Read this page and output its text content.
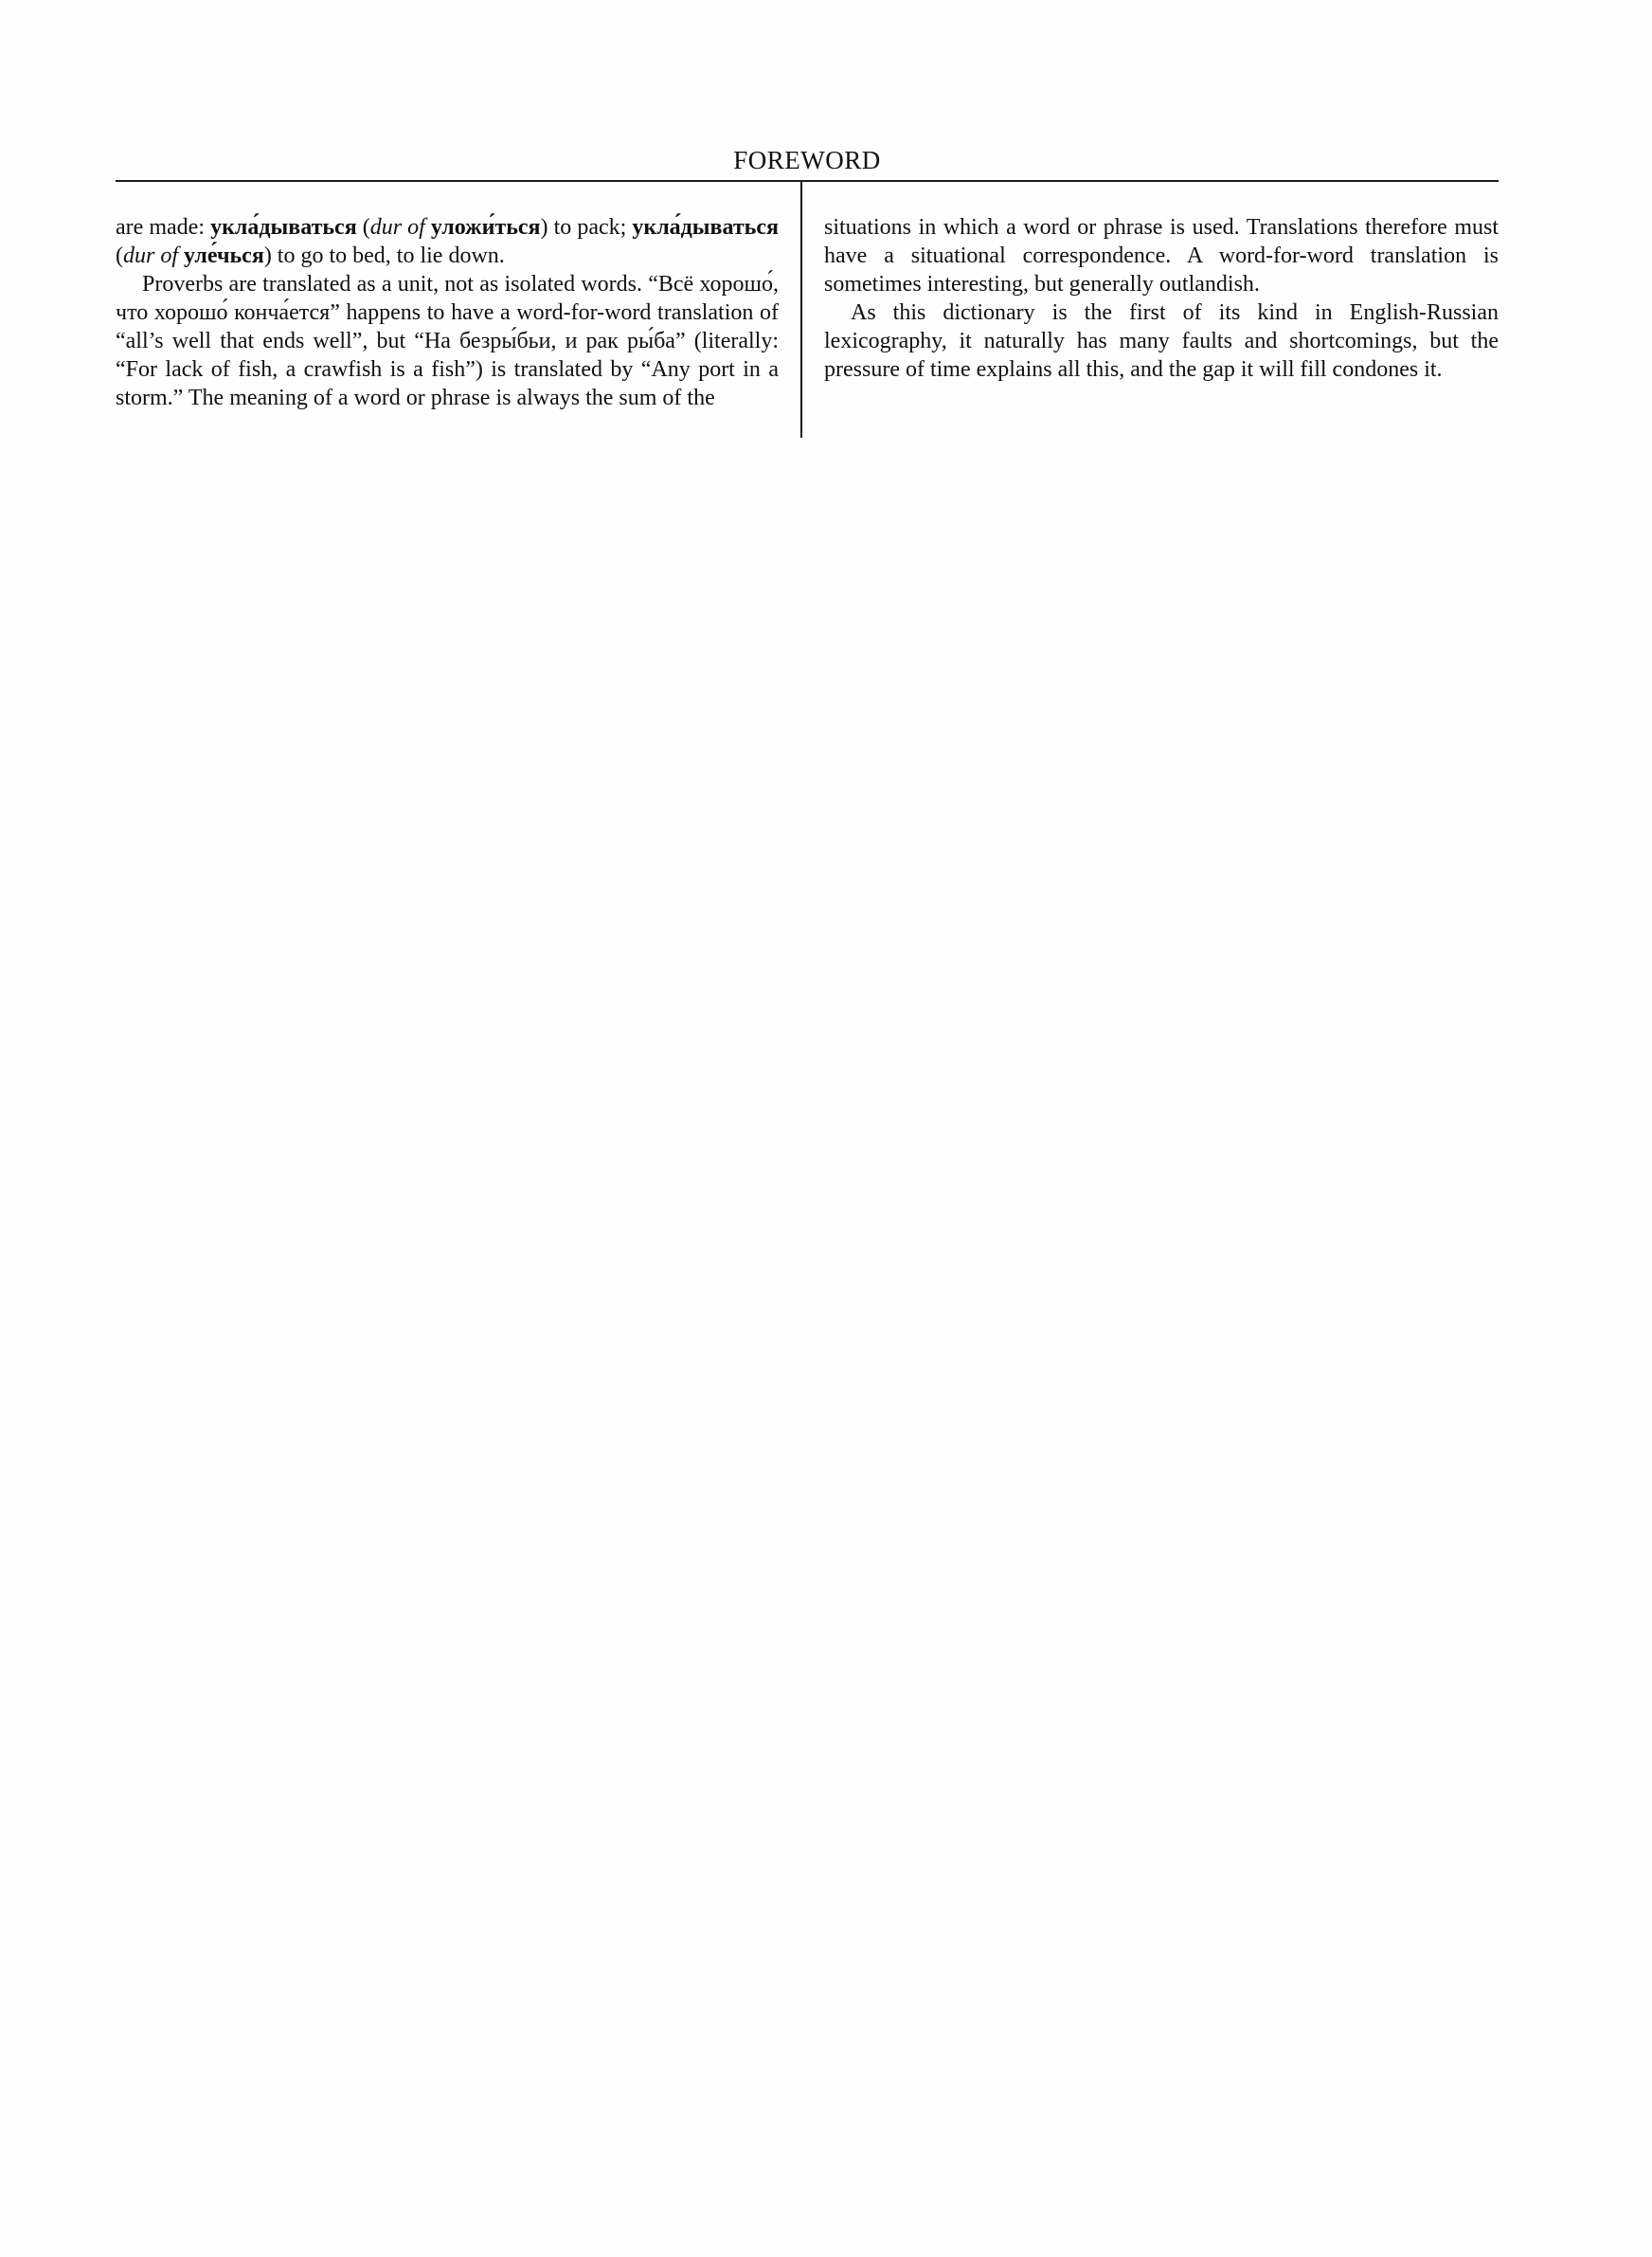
FOREWORD

are made: укла́дываться (dur of уложи́ться) to pack; укла́дываться (dur of уле́чься) to go to bed, to lie down.

Proverbs are translated as a unit, not as isolated words. “Всё хорошо́, что хорошо́ конча́ется” happens to have a word-for-word translation of “all’s well that ends well”, but “На безры́бьи, и рак ры́ба” (literally: “For lack of fish, a crawfish is a fish”) is translated by “Any port in a storm.” The meaning of a word or phrase is always the sum of the

situations in which a word or phrase is used. Translations therefore must have a situational correspondence. A word-for-word translation is sometimes interesting, but generally outlandish.

As this dictionary is the first of its kind in English-Russian lexicography, it naturally has many faults and shortcomings, but the pressure of time explains all this, and the gap it will fill condones it.
